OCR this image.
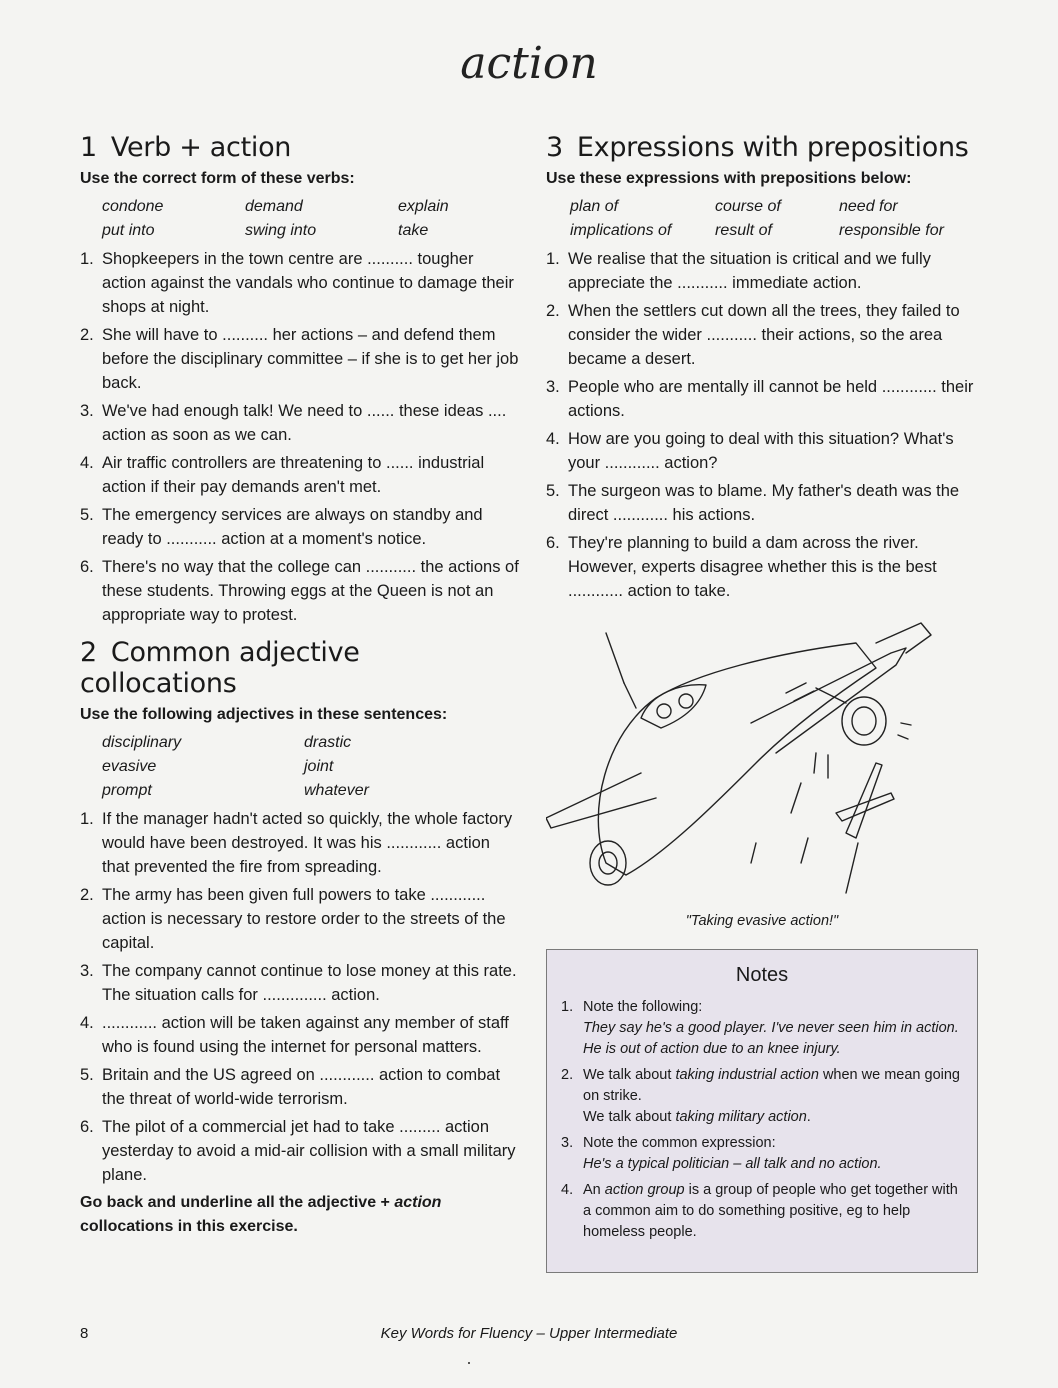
action
1 Verb + action
Use the correct form of these verbs:
condone	demand	explain
put into	swing into	take
1. Shopkeepers in the town centre are .......... tougher action against the vandals who continue to damage their shops at night.
2. She will have to .......... her actions – and defend them before the disciplinary committee – if she is to get her job back.
3. We've had enough talk! We need to ...... these ideas .... action as soon as we can.
4. Air traffic controllers are threatening to ...... industrial action if their pay demands aren't met.
5. The emergency services are always on standby and ready to ........... action at a moment's notice.
6. There's no way that the college can ........... the actions of these students. Throwing eggs at the Queen is not an appropriate way to protest.
2 Common adjective collocations
Use the following adjectives in these sentences:
disciplinary	drastic
evasive	joint
prompt	whatever
1. If the manager hadn't acted so quickly, the whole factory would have been destroyed. It was his ............ action that prevented the fire from spreading.
2. The army has been given full powers to take ............ action is necessary to restore order to the streets of the capital.
3. The company cannot continue to lose money at this rate. The situation calls for .............. action.
4. ............ action will be taken against any member of staff who is found using the internet for personal matters.
5. Britain and the US agreed on ............ action to combat the threat of world-wide terrorism.
6. The pilot of a commercial jet had to take ......... action yesterday to avoid a mid-air collision with a small military plane.
Go back and underline all the adjective + action collocations in this exercise.
3 Expressions with prepositions
Use these expressions with prepositions below:
plan of	course of	need for
implications of	result of	responsible for
1. We realise that the situation is critical and we fully appreciate the ........... immediate action.
2. When the settlers cut down all the trees, they failed to consider the wider ........... their actions, so the area became a desert.
3. People who are mentally ill cannot be held ............ their actions.
4. How are you going to deal with this situation? What's your ............ action?
5. The surgeon was to blame. My father's death was the direct ............ his actions.
6. They're planning to build a dam across the river. However, experts disagree whether this is the best ............ action to take.
"Taking evasive action!"
Notes
1. Note the following:
They say he's a good player. I've never seen him in action.
He is out of action due to an knee injury.
2. We talk about taking industrial action when we mean going on strike.
We talk about taking military action.
3. Note the common expression:
He's a typical politician – all talk and no action.
4. An action group is a group of people who get together with a common aim to do something positive, eg to help homeless people.
8	Key Words for Fluency – Upper Intermediate
